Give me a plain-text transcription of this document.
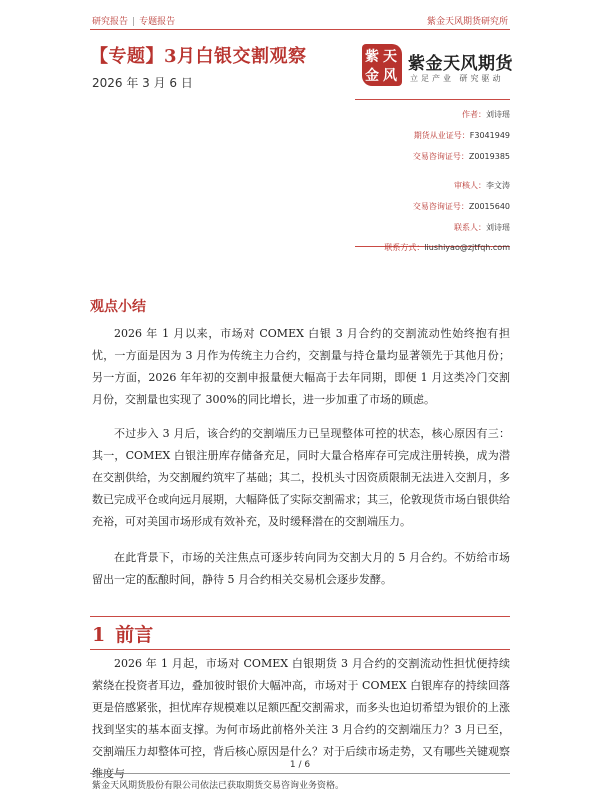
研究报告 | 专题报告	紫金天风期货研究所
【专题】3月白银交割观察
2026 年 3 月 6 日
紫 天
金 风
紫金天风期货
立足产业 研究驱动
作者：刘诗瑶
期货从业证号：F3041949
交易咨询证号：Z0019385
审核人：李文涛
交易咨询证号：Z0015640
联系人：刘诗瑶
联系方式：liushiyao@zjtfqh.com
观点小结

2026 年 1 月以来，市场对 COMEX 白银 3 月合约的交割流动性始终抱有担忧，一方面是因为 3 月作为传统主力合约，交割量与持仓量均显著领先于其他月份；另一方面，2026 年年初的交割申报量便大幅高于去年同期，即便 1 月这类冷门交割月份，交割量也实现了 300%的同比增长，进一步加重了市场的顾虑。

不过步入 3 月后，该合约的交割端压力已呈现整体可控的状态，核心原因有三：其一，COMEX 白银注册库存储备充足，同时大量合格库存可完成注册转换，成为潜在交割供给，为交割履约筑牢了基础；其二，投机头寸因资质限制无法进入交割月，多数已完成平仓或向远月展期，大幅降低了实际交割需求；其三，伦敦现货市场白银供给充裕，可对美国市场形成有效补充，及时缓释潜在的交割端压力。

在此背景下，市场的关注焦点可逐步转向同为交割大月的 5 月合约。不妨给市场留出一定的酝酿时间，静待 5 月合约相关交易机会逐步发酵。

1 前言

2026 年 1 月起，市场对 COMEX 白银期货 3 月合约的交割流动性担忧便持续萦绕在投资者耳边，叠加彼时银价大幅冲高，市场对于 COMEX 白银库存的持续回落更是倍感紧张，担忧库存规模难以足额匹配交割需求，而多头也迫切希望为银价的上涨找到坚实的基本面支撑。为何市场此前格外关注 3 月合约的交割端压力？3 月已至，交割端压力却整体可控，背后核心原因是什么？对于后续市场走势，又有哪些关键观察维度与

1 / 6
紫金天风期货股份有限公司依法已获取期货交易咨询业务资格。
